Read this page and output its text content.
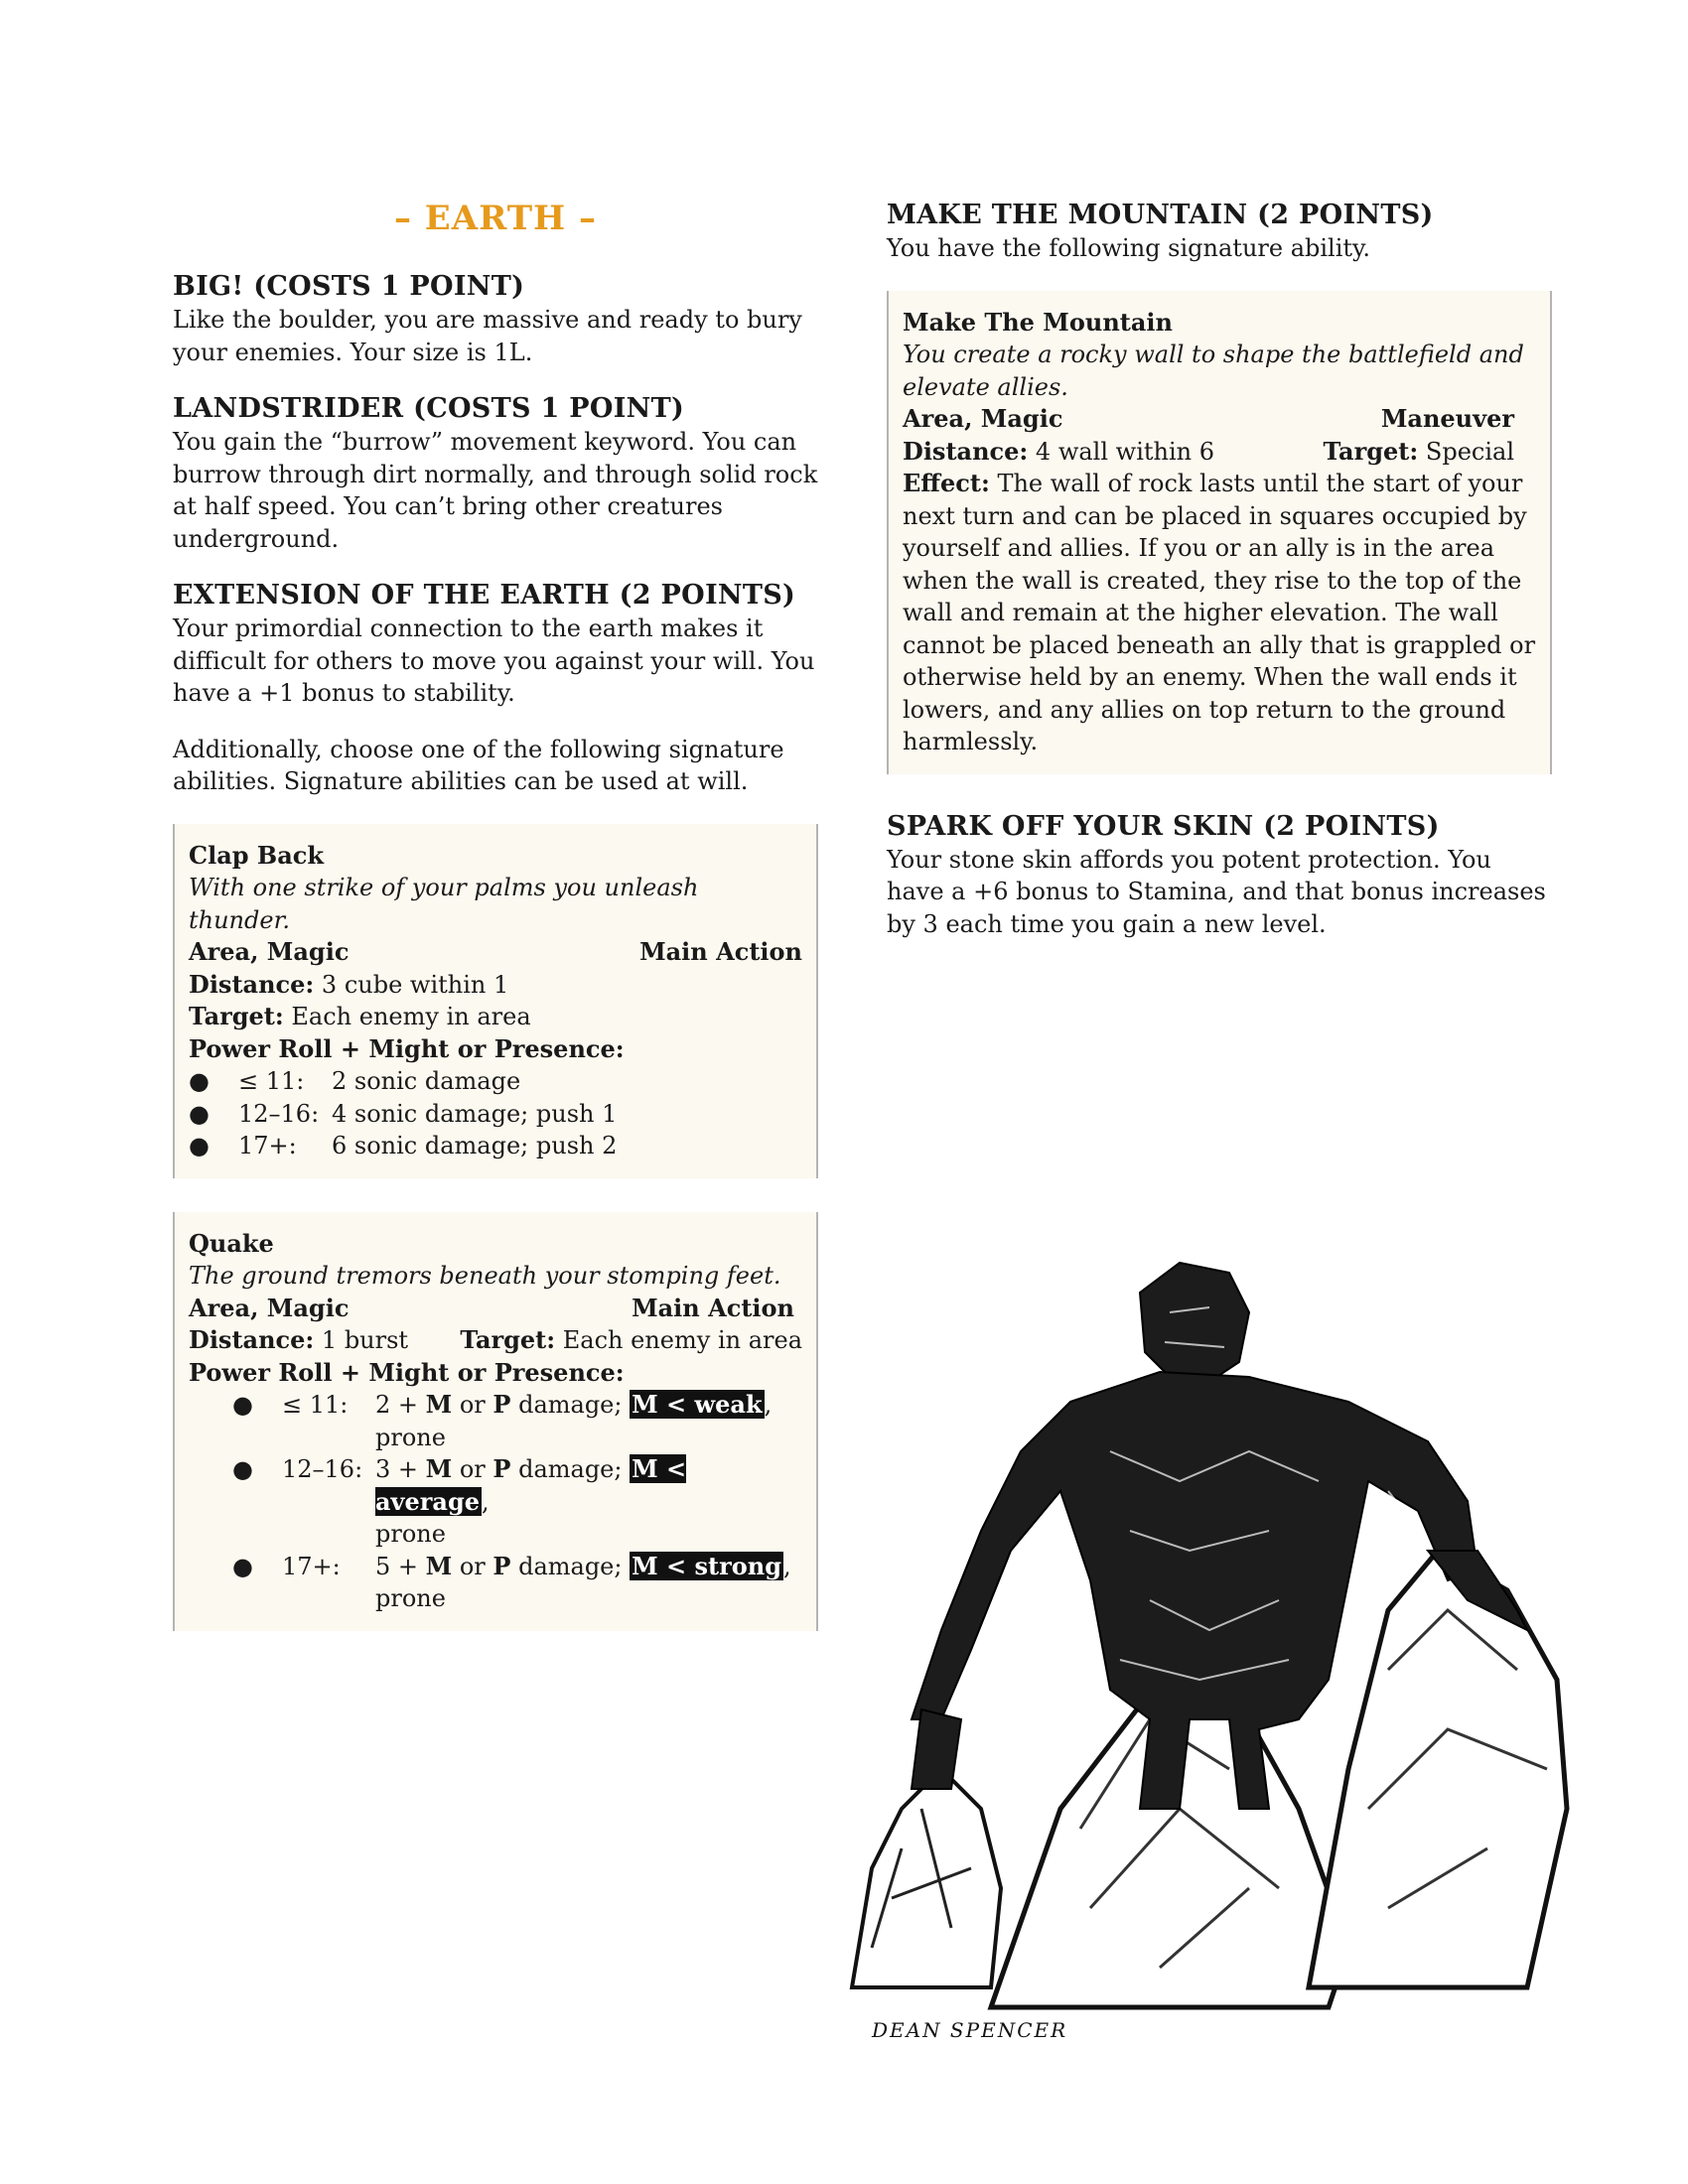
– EARTH –
BIG! (COSTS 1 POINT)

Like the boulder, you are massive and ready to bury your enemies. Your size is 1L.

LANDSTRIDER (COSTS 1 POINT)

You gain the “burrow” movement keyword. You can burrow through dirt normally, and through solid rock at half speed. You can’t bring other creatures underground.

EXTENSION OF THE EARTH (2 POINTS)

Your primordial connection to the earth makes it difficult for others to move you against your will. You have a +1 bonus to stability.

Additionally, choose one of the following signature abilities. Signature abilities can be used at will.

Clap Back
With one strike of your palms you unleash thunder.
Area, Magic	Main Action
Distance: 3 cube within 1
Target: Each enemy in area
Power Roll + Might or Presence:
●	≤ 11:	2 sonic damage
●	12–16: 4 sonic damage; push 1
●	17+:	6 sonic damage; push 2
Quake
The ground tremors beneath your stomping feet.
Area, Magic	Main Action
Distance: 1 burst Target: Each enemy in area
Power Roll + Might or Presence:
●	≤ 11:	2 + M or P damage; M < weak,
prone
●	12–16: 3 + M or P damage; M < average,
prone
●	17+:	5 + M or P damage; M < strong,
prone
MAKE THE MOUNTAIN (2 POINTS)

You have the following signature ability.

Make The Mountain
You create a rocky wall to shape the battlefield and elevate allies.
Area, Magic	Maneuver
Distance: 4 wall within 6	Target: Special
Effect: The wall of rock lasts until the start of your next turn and can be placed in squares occupied by yourself and allies. If you or an ally is in the area when the wall is created, they rise to the top of the wall and remain at the higher elevation. The wall cannot be placed beneath an ally that is grappled or otherwise held by an enemy. When the wall ends it lowers, and any allies on top return to the ground harmlessly.
SPARK OFF YOUR SKIN (2 POINTS)

Your stone skin affords you potent protection. You have a +6 bonus to Stamina, and that bonus increases by 3 each time you gain a new level.

DEAN SPENCER
